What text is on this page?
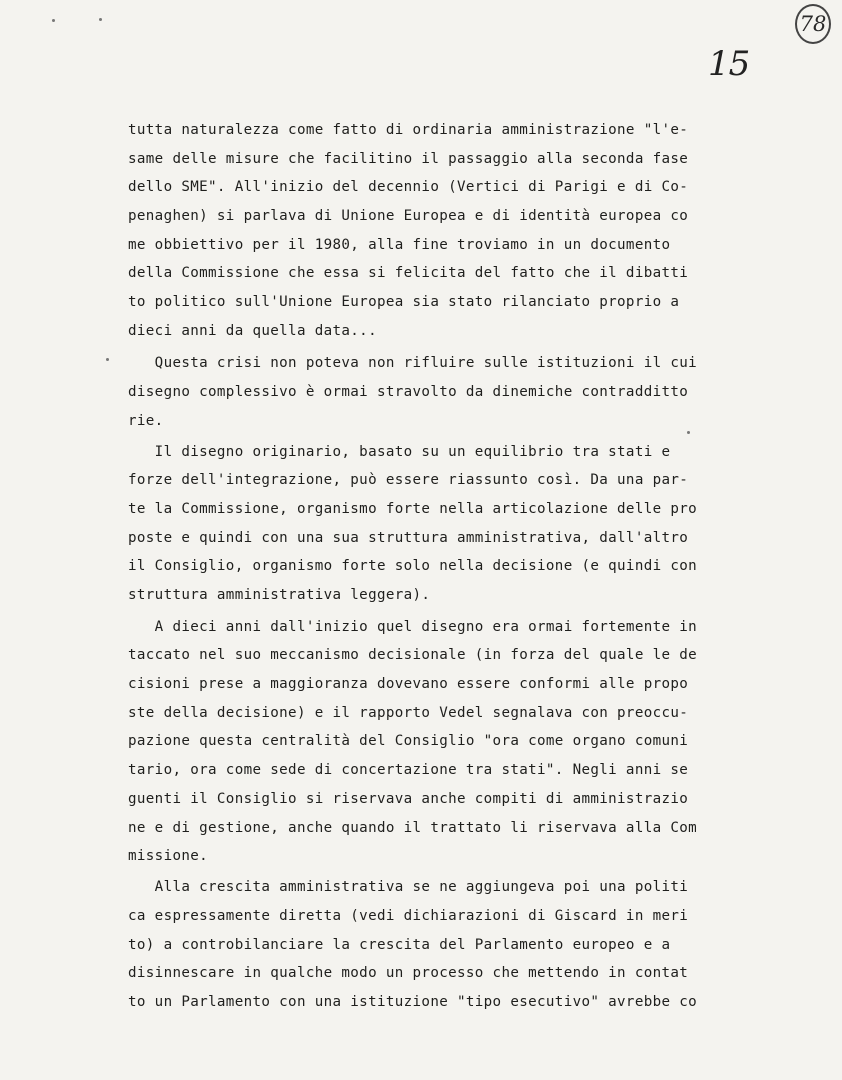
78
15
tutta naturalezza come fatto di ordinaria amministrazione "l'e-
same delle misure che facilitino il passaggio alla seconda fase
dello SME". All'inizio del decennio (Vertici di Parigi e di Co-
penaghen) si parlava di Unione Europea e di identità europea co
me obbiettivo per il 1980, alla fine troviamo in un documento
della Commissione che essa si felicita del fatto che il dibatti
to politico sull'Unione Europea sia stato rilanciato proprio a
dieci anni da quella data...
Questa crisi non poteva non rifluire sulle istituzioni il cui
disegno complessivo è ormai stravolto da dinemiche contradditto
rie.
Il disegno originario, basato su un equilibrio tra stati e
forze dell'integrazione, può essere riassunto così. Da una par-
te la Commissione, organismo forte nella articolazione delle pro
poste e quindi con una sua struttura amministrativa, dall'altro
il Consiglio, organismo forte solo nella decisione (e quindi con
struttura amministrativa leggera).
A dieci anni dall'inizio quel disegno era ormai fortemente in
taccato nel suo meccanismo decisionale (in forza del quale le de
cisioni prese a maggioranza dovevano essere conformi alle propo
ste della decisione) e il rapporto Vedel segnalava con preoccu-
pazione questa centralità del Consiglio "ora come organo comuni
tario, ora come sede di concertazione tra stati". Negli anni se
guenti il Consiglio si riservava anche compiti di amministrazio
ne e di gestione, anche quando il trattato li riservava alla Com
missione.
Alla crescita amministrativa se ne aggiungeva poi una politi
ca espressamente diretta (vedi dichiarazioni di Giscard in meri
to) a controbilanciare la crescita del Parlamento europeo e a
disinnescare in qualche modo un processo che mettendo in contat
to un Parlamento con una istituzione "tipo esecutivo" avrebbe co
